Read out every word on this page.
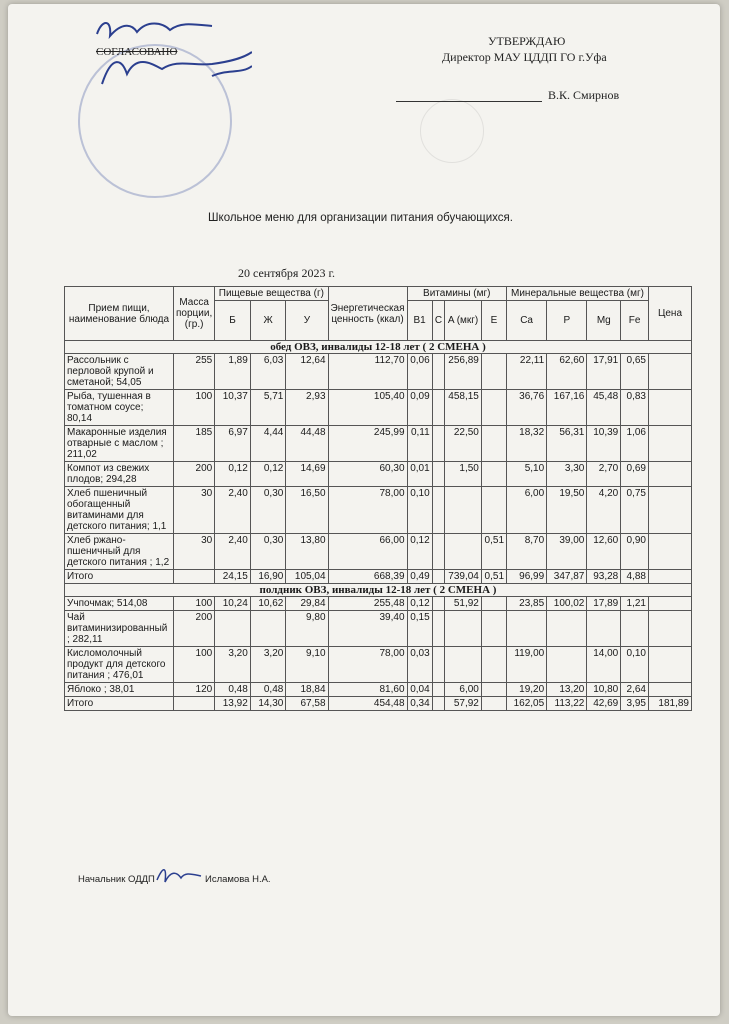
СОГЛАСОВАНО
УТВЕРЖДАЮ
Директор МАУ ЦДДП ГО г.Уфа
В.К. Смирнов
Школьное меню для организации питания обучающихся.
20 сентября 2023 г.
Прием пищи, наименование блюда	Масса порции, (гр.)	Пищевые вещества (г)			Энергетическая ценность (ккал)	Витамины (мг)				Минеральные вещества (мг)				Цена
		Б	Ж	У		B1	C	A (мкг)	E	Ca	P	Mg	Fe	
обед ОВЗ, инвалиды 12-18 лет ( 2 СМЕНА )														
Рассольник с перловой крупой и сметаной; 54,05	255	1,89	6,03	12,64	112,70	0,06		256,89		22,11	62,60	17,91	0,65	
Рыба, тушенная в томатном соусе; 80,14	100	10,37	5,71	2,93	105,40	0,09		458,15		36,76	167,16	45,48	0,83	
Макаронные изделия отварные с маслом ; 211,02	185	6,97	4,44	44,48	245,99	0,11		22,50		18,32	56,31	10,39	1,06	
Компот из свежих плодов; 294,28	200	0,12	0,12	14,69	60,30	0,01		1,50		5,10	3,30	2,70	0,69	
Хлеб пшеничный обогащенный витаминами для детского питания; 1,1	30	2,40	0,30	16,50	78,00	0,10				6,00	19,50	4,20	0,75	
Хлеб ржано-пшеничный для детского питания ; 1,2	30	2,40	0,30	13,80	66,00	0,12			0,51	8,70	39,00	12,60	0,90	
Итого		24,15	16,90	105,04	668,39	0,49		739,04	0,51	96,99	347,87	93,28	4,88	
полдник ОВЗ, инвалиды 12-18 лет ( 2 СМЕНА )														
Учпочмак; 514,08	100	10,24	10,62	29,84	255,48	0,12		51,92		23,85	100,02	17,89	1,21	
Чай витаминизированный ; 282,11	200			9,80	39,40	0,15								
Кисломолочный продукт для детского питания ; 476,01	100	3,20	3,20	9,10	78,00	0,03				119,00		14,00	0,10	
Яблоко ; 38,01	120	0,48	0,48	18,84	81,60	0,04		6,00		19,20	13,20	10,80	2,64	
Итого		13,92	14,30	67,58	454,48	0,34		57,92		162,05	113,22	42,69	3,95	181,89
Начальник ОДДП	Исламова Н.А.
